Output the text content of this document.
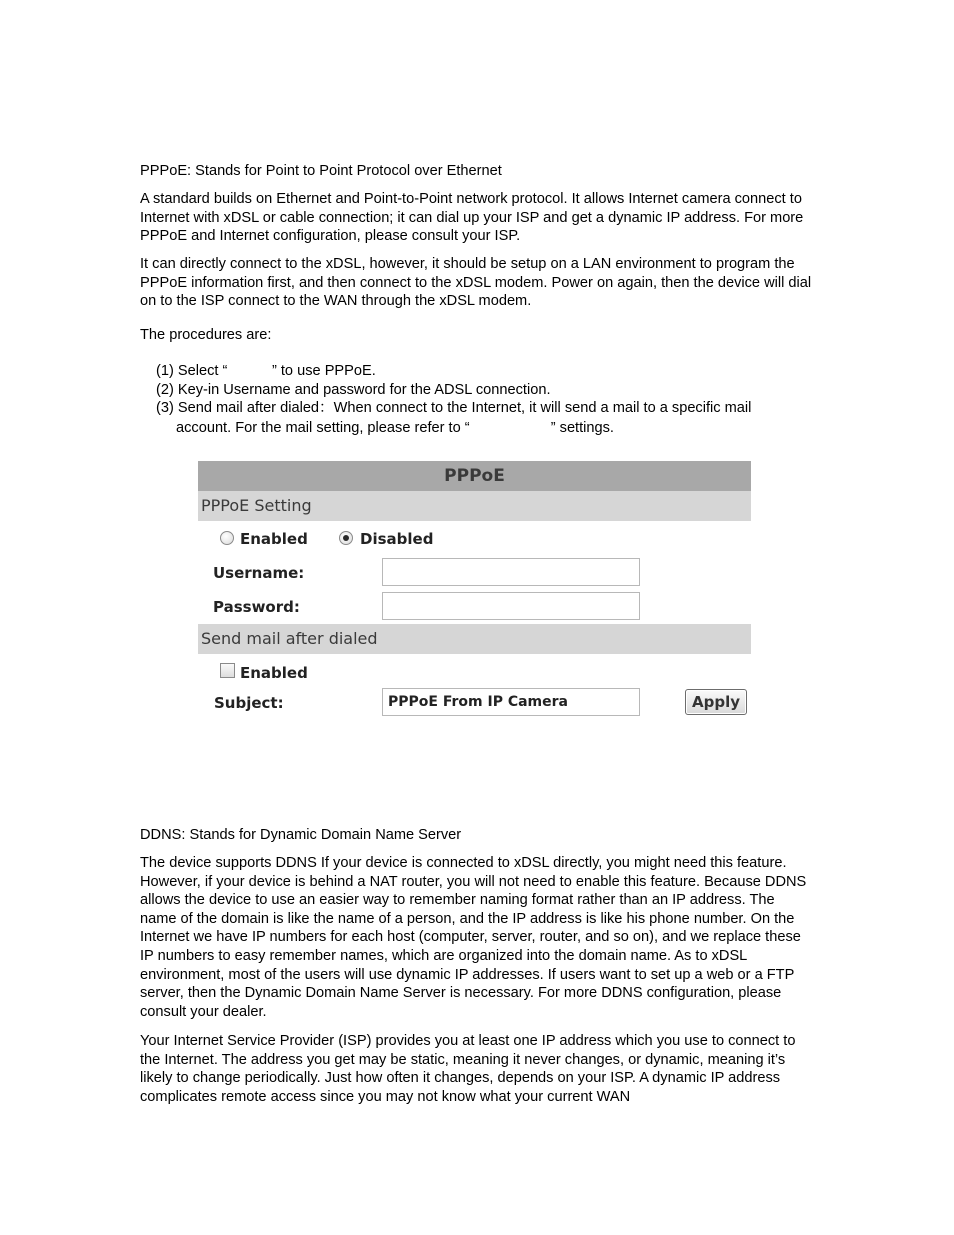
PPPoE: Stands for Point to Point Protocol over Ethernet

A standard builds on Ethernet and Point-to-Point network protocol. It allows Internet camera connect to Internet with xDSL or cable connection; it can dial up your ISP and get a dynamic IP address. For more PPPoE and Internet configuration, please consult your ISP.

It can directly connect to the xDSL, however, it should be setup on a LAN environment to program the PPPoE information first, and then connect to the xDSL modem. Power on again, then the device will dial on to the ISP connect to the WAN through the xDSL modem.

The procedures are:

(1) Select “           ” to use PPPoE.
(2) Key-in Username and password for the ADSL connection.
(3) Send mail after dialed：When connect to the Internet, it will send a mail to a specific mail
account. For the mail setting, please refer to “                    ” settings.
PPPoE
PPPoE Setting
Enabled	Disabled
Username:
Password:
Send mail after dialed
Enabled
Subject:	PPPoE From IP Camera	Apply

DDNS: Stands for Dynamic Domain Name Server

The device supports DDNS If your device is connected to xDSL directly, you might need this feature. However, if your device is behind a NAT router, you will not need to enable this feature. Because DDNS allows the device to use an easier way to remember naming format rather than an IP address. The name of the domain is like the name of a person, and the IP address is like his phone number. On the Internet we have IP numbers for each host (computer, server, router, and so on), and we replace these IP numbers to easy remember names, which are organized into the domain name. As to xDSL environment, most of the users will use dynamic IP addresses. If users want to set up a web or a FTP server, then the Dynamic Domain Name Server is necessary. For more DDNS configuration, please consult your dealer.

Your Internet Service Provider (ISP) provides you at least one IP address which you use to connect to the Internet. The address you get may be static, meaning it never changes, or dynamic, meaning it’s likely to change periodically. Just how often it changes, depends on your ISP. A dynamic IP address complicates remote access since you may not know what your current WAN
